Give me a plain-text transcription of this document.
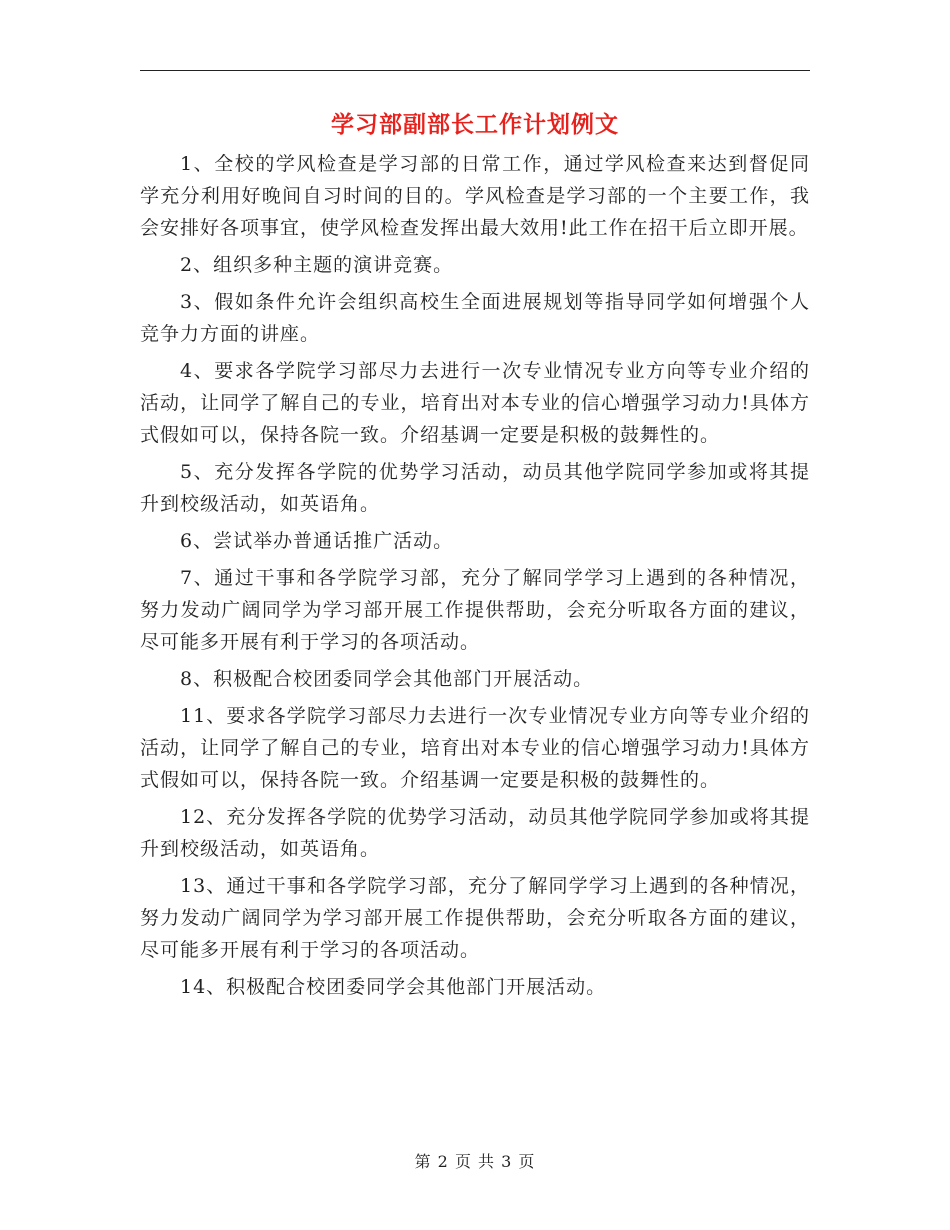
学习部副部长工作计划例文

1、全校的学风检查是学习部的日常工作，通过学风检查来达到督促同学充分利用好晚间自习时间的目的。学风检查是学习部的一个主要工作，我会安排好各项事宜，使学风检查发挥出最大效用!此工作在招干后立即开展。

2、组织多种主题的演讲竞赛。

3、假如条件允许会组织高校生全面进展规划等指导同学如何增强个人竞争力方面的讲座。

4、要求各学院学习部尽力去进行一次专业情况专业方向等专业介绍的活动，让同学了解自己的专业，培育出对本专业的信心增强学习动力!具体方式假如可以，保持各院一致。介绍基调一定要是积极的鼓舞性的。

5、充分发挥各学院的优势学习活动，动员其他学院同学参加或将其提升到校级活动，如英语角。

6、尝试举办普通话推广活动。

7、通过干事和各学院学习部，充分了解同学学习上遇到的各种情况，努力发动广阔同学为学习部开展工作提供帮助，会充分听取各方面的建议，尽可能多开展有利于学习的各项活动。

8、积极配合校团委同学会其他部门开展活动。

11、要求各学院学习部尽力去进行一次专业情况专业方向等专业介绍的活动，让同学了解自己的专业，培育出对本专业的信心增强学习动力!具体方式假如可以，保持各院一致。介绍基调一定要是积极的鼓舞性的。

12、充分发挥各学院的优势学习活动，动员其他学院同学参加或将其提升到校级活动，如英语角。

13、通过干事和各学院学习部，充分了解同学学习上遇到的各种情况，努力发动广阔同学为学习部开展工作提供帮助，会充分听取各方面的建议，尽可能多开展有利于学习的各项活动。

14、积极配合校团委同学会其他部门开展活动。

第 2 页 共 3 页
